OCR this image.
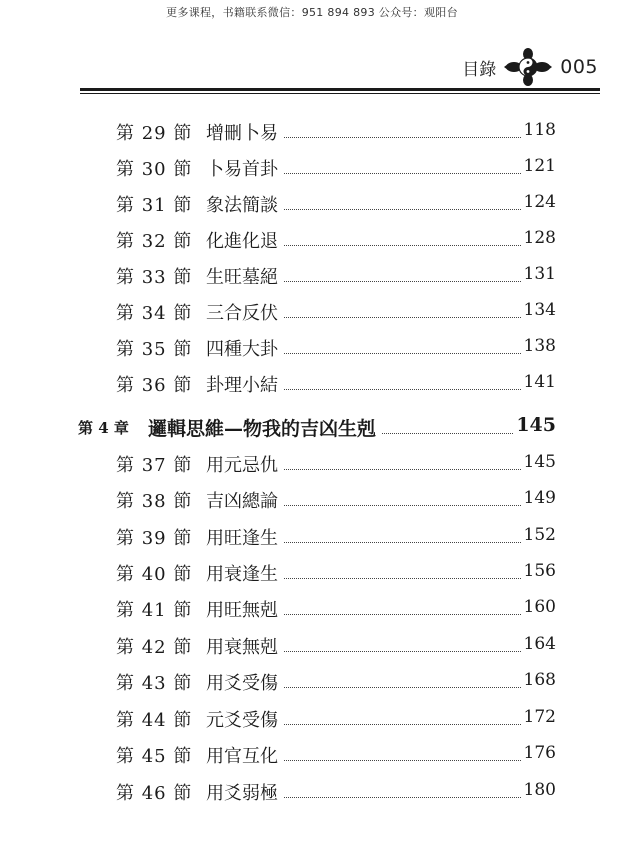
更多课程，书籍联系微信：951 894 893 公众号：观阳台
目錄	005
第 29 節 增刪卜易	118
第 30 節 卜易首卦	121
第 31 節 象法簡談	124
第 32 節 化進化退	128
第 33 節 生旺墓絕	131
第 34 節 三合反伏	134
第 35 節 四種大卦	138
第 36 節 卦理小結	141
第 4 章 邏輯思維—物我的吉凶生剋	145
第 37 節 用元忌仇	145
第 38 節 吉凶總論	149
第 39 節 用旺逢生	152
第 40 節 用衰逢生	156
第 41 節 用旺無剋	160
第 42 節 用衰無剋	164
第 43 節 用爻受傷	168
第 44 節 元爻受傷	172
第 45 節 用官互化	176
第 46 節 用爻弱極	180
